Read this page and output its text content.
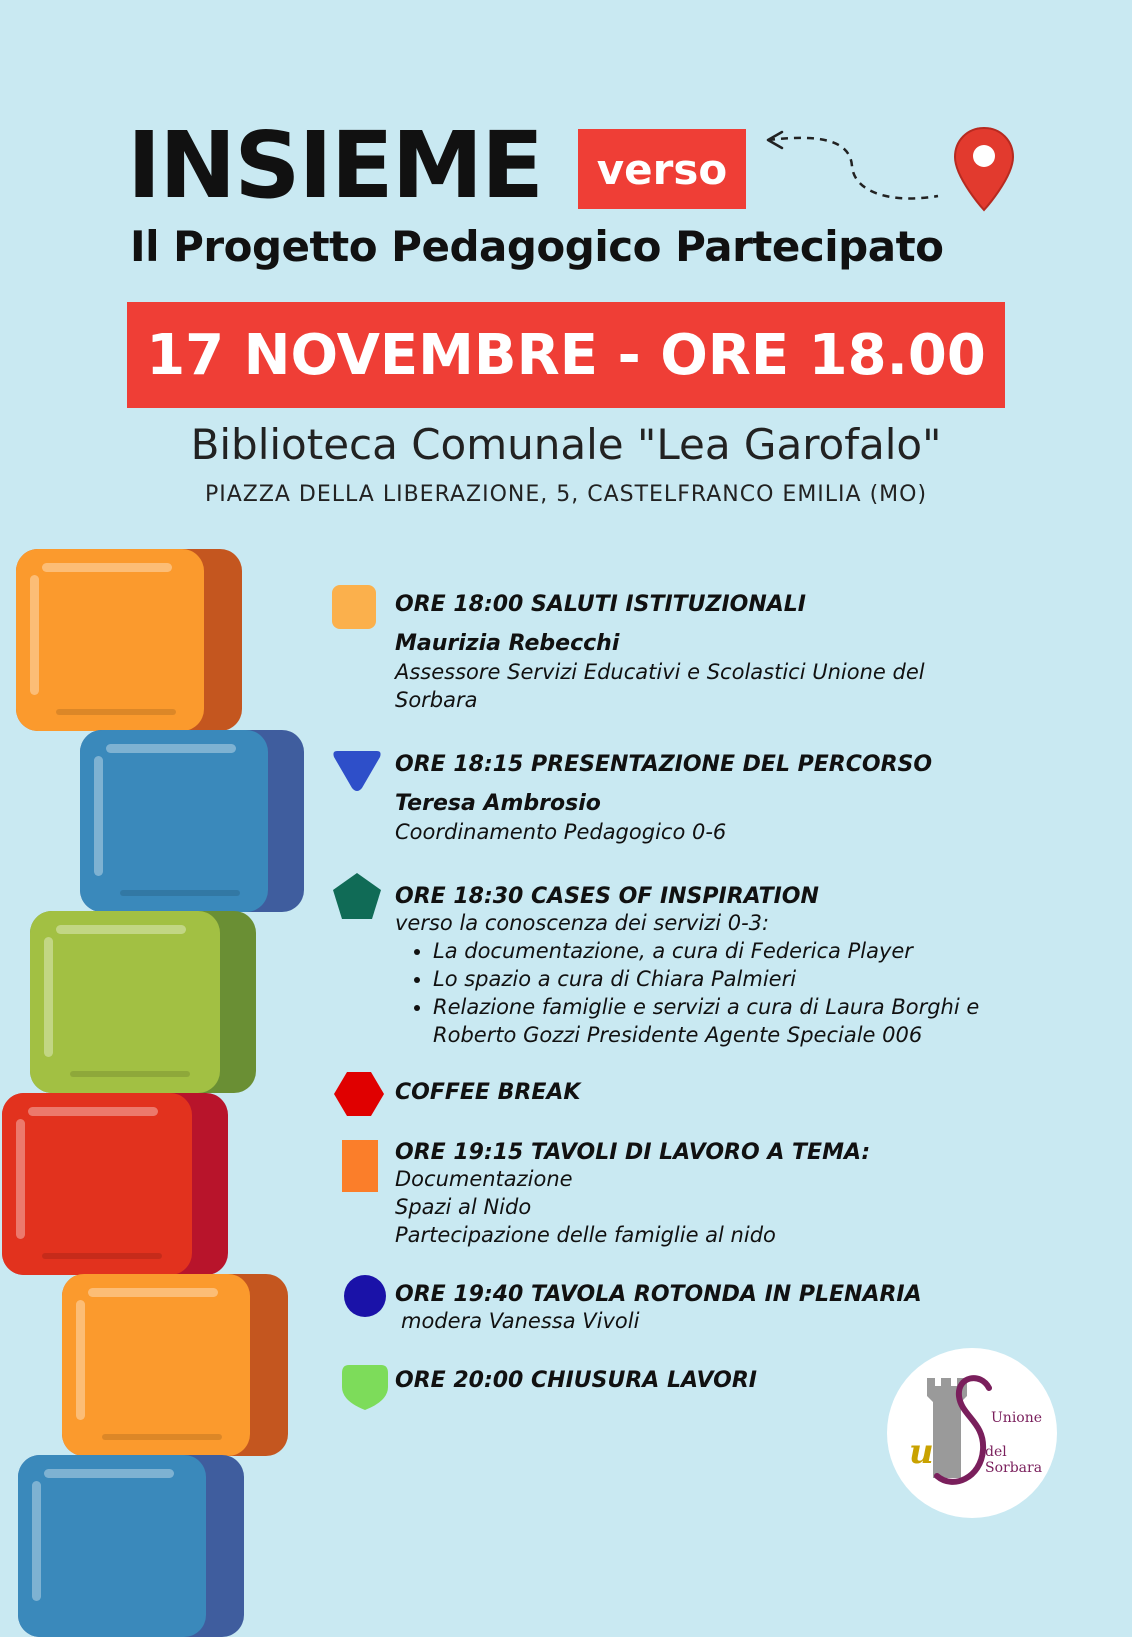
INSIEME	verso
Il Progetto Pedagogico Partecipato
17 NOVEMBRE - ORE 18.00
Biblioteca Comunale "Lea Garofalo"
PIAZZA DELLA LIBERAZIONE, 5, CASTELFRANCO EMILIA (MO)
ORE 18:00 SALUTI ISTITUZIONALI
Maurizia Rebecchi
Assessore Servizi Educativi e Scolastici Unione del
Sorbara
ORE 18:15 PRESENTAZIONE DEL PERCORSO
Teresa Ambrosio
Coordinamento Pedagogico 0-6
ORE 18:30 CASES OF INSPIRATION
verso la conoscenza dei servizi 0-3:
• La documentazione, a cura di Federica Player
• Lo spazio a cura di Chiara Palmieri
• Relazione famiglie e servizi a cura di Laura Borghi e
Roberto Gozzi Presidente Agente Speciale 006
COFFEE BREAK
ORE 19:15 TAVOLI DI LAVORO A TEMA:
Documentazione
Spazi al Nido
Partecipazione delle famiglie al nido
ORE 19:40 TAVOLA ROTONDA IN PLENARIA
modera Vanessa Vivoli
ORE 20:00 CHIUSURA LAVORI
u
Unione
del Sorbara
